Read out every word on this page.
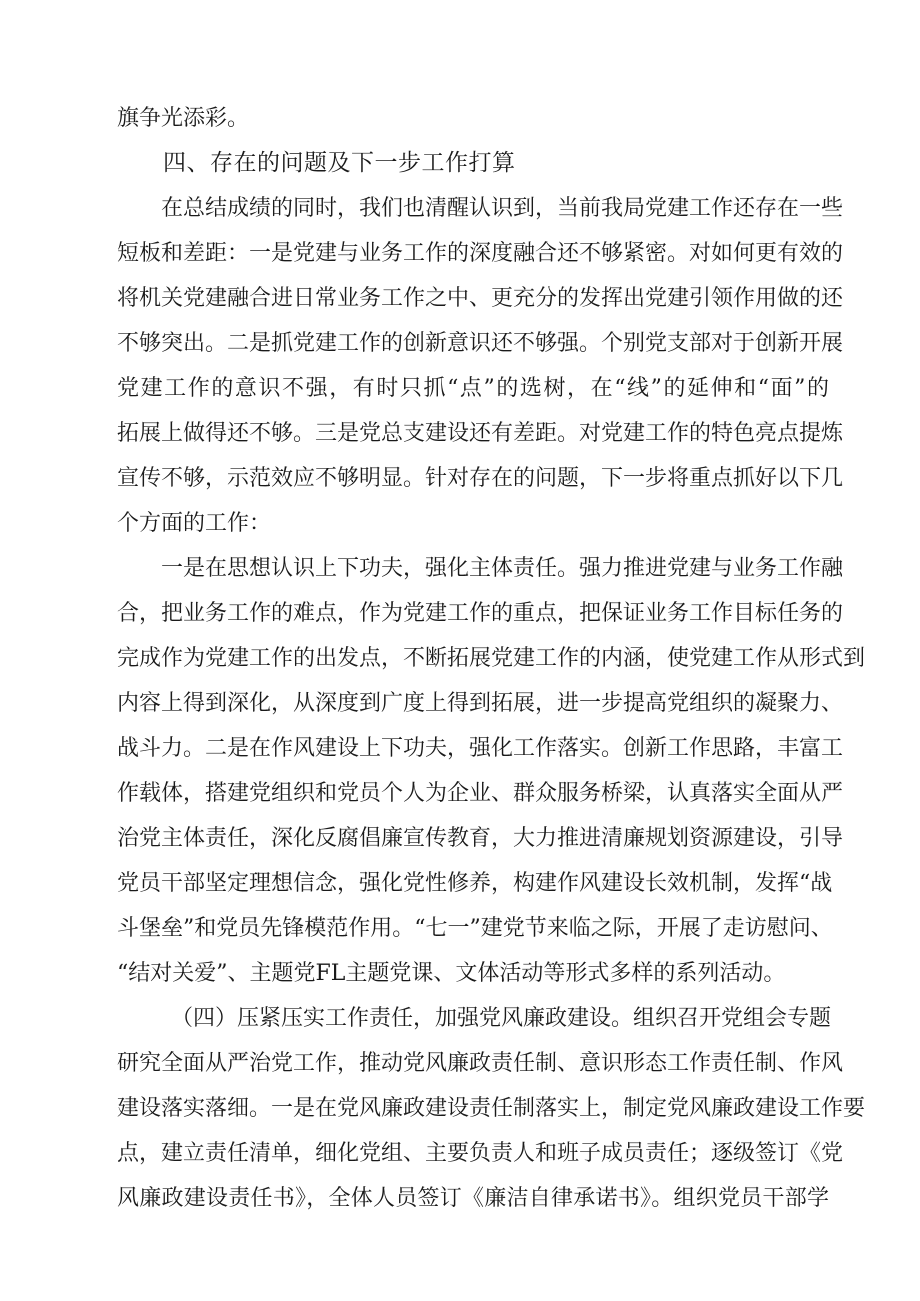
旗争光添彩。
四、存在的问题及下一步工作打算
在总结成绩的同时，我们也清醒认识到，当前我局党建工作还存在一些
短板和差距：一是党建与业务工作的深度融合还不够紧密。对如何更有效的
将机关党建融合进日常业务工作之中、更充分的发挥出党建引领作用做的还
不够突出。二是抓党建工作的创新意识还不够强。个别党支部对于创新开展
党建工作的意识不强，有时只抓“点”的选树，在“线”的延伸和“面”的
拓展上做得还不够。三是党总支建设还有差距。对党建工作的特色亮点提炼
宣传不够，示范效应不够明显。针对存在的问题，下一步将重点抓好以下几
个方面的工作：
一是在思想认识上下功夫，强化主体责任。强力推进党建与业务工作融
合，把业务工作的难点，作为党建工作的重点，把保证业务工作目标任务的
完成作为党建工作的出发点，不断拓展党建工作的内涵，使党建工作从形式到
内容上得到深化，从深度到广度上得到拓展，进一步提高党组织的凝聚力、
战斗力。二是在作风建设上下功夫，强化工作落实。创新工作思路，丰富工
作载体，搭建党组织和党员个人为企业、群众服务桥梁，认真落实全面从严
治党主体责任，深化反腐倡廉宣传教育，大力推进清廉规划资源建设，引导
党员干部坚定理想信念，强化党性修养，构建作风建设长效机制，发挥“战
斗堡垒”和党员先锋模范作用。“七一”建党节来临之际，开展了走访慰问、
“结对关爱”、主题党FL主题党课、文体活动等形式多样的系列活动。
（四）压紧压实工作责任，加强党风廉政建设。组织召开党组会专题
研究全面从严治党工作，推动党风廉政责任制、意识形态工作责任制、作风
建设落实落细。一是在党风廉政建设责任制落实上，制定党风廉政建设工作要
点，建立责任清单，细化党组、主要负责人和班子成员责任；逐级签订《党
风廉政建设责任书》，全体人员签订《廉洁自律承诺书》。组织党员干部学
